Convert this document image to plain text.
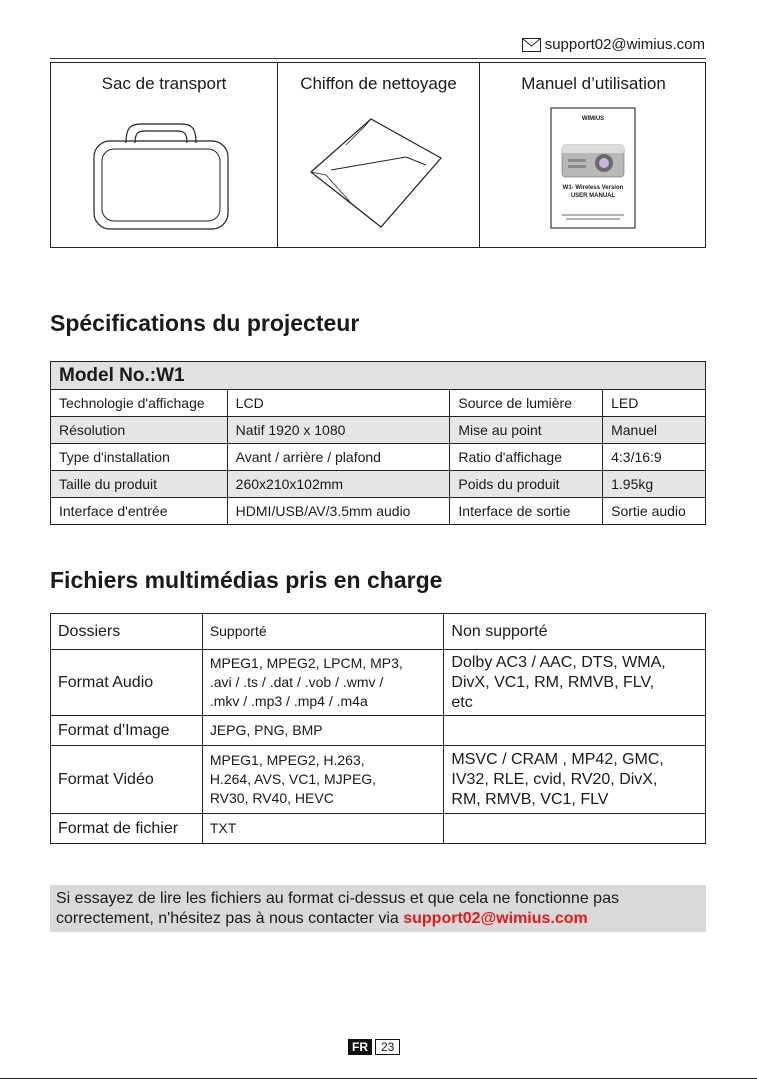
support02@wimius.com
Sac de transport	Chiffon de nettoyage	Manuel d’utilisation
WIMIUS
W1- Wireless Version
USER MANUAL
Spécifications du projecteur
Model No.:W1			
Technologie d'affichage	LCD	Source de lumière	LED
Résolution	Natif 1920 x 1080	Mise au point	Manuel
Type d'installation	Avant / arrière / plafond	Ratio d'affichage	4:3/16:9
Taille du produit	260x210x102mm	Poids du produit	1.95kg
Interface d'entrée	HDMI/USB/AV/3.5mm audio	Interface de sortie	Sortie audio
Fichiers multimédias pris en charge
Dossiers	Supporté	Non supporté
Format Audio	MPEG1, MPEG2, LPCM, MP3,
.avi / .ts / .dat / .vob / .wmv /
.mkv / .mp3 / .mp4 / .m4a	Dolby AC3 / AAC, DTS, WMA,
DivX, VC1, RM, RMVB, FLV,
etc
Format d'Image	JEPG, PNG, BMP	
Format Vidéo	MPEG1, MPEG2, H.263,
H.264, AVS, VC1, MJPEG,
RV30, RV40, HEVC	MSVC / CRAM , MP42, GMC,
IV32, RLE, cvid, RV20, DivX,
RM, RMVB, VC1, FLV
Format de fichier	TXT	
Si essayez de lire les fichiers au format ci-dessus et que cela ne fonctionne pas correctement, n'hésitez pas à nous contacter via support02@wimius.com
FR	23
